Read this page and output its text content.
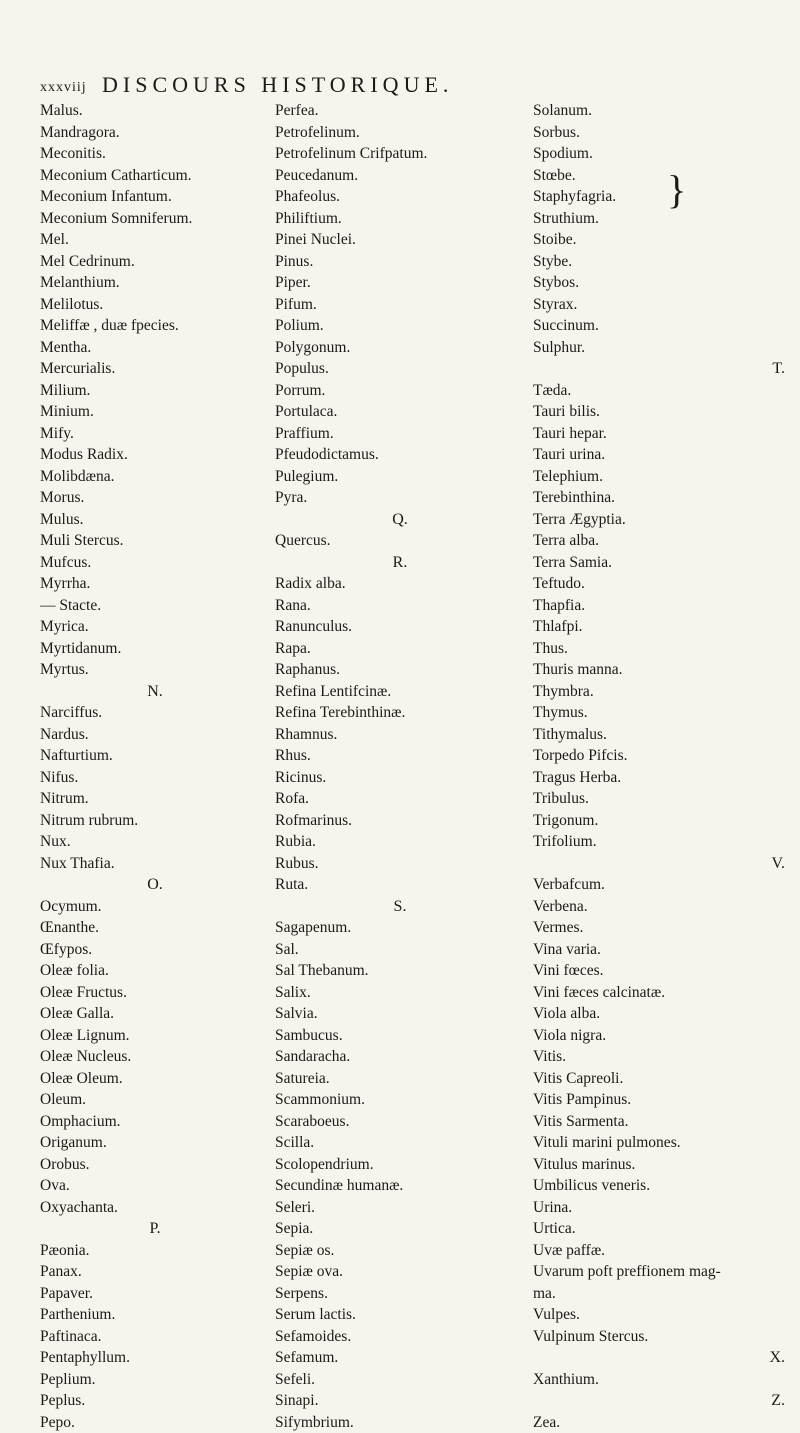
xxxviij DISCOURS HISTORIQUE.
Malus.
Mandragora.
Meconitis.
Meconium Catharticum.
Meconium Infantum.
Meconium Somniferum.
Mel.
Mel Cedrinum.
Melanthium.
Melilotus.
Meliffæ , duæ fpecies.
Mentha.
Mercurialis.
Milium.
Minium.
Mify.
Modus Radix.
Molibdæna.
Morus.
Mulus.
Muli Stercus.
Mufcus.
Myrrha.
— Stacte.
Myrica.
Myrtidanum.
Myrtus.
N.
Narciffus.
Nardus.
Nafturtium.
Nifus.
Nitrum.
Nitrum rubrum.
Nux.
Nux Thafia.
O.
Ocymum.
Œnanthe.
Œfypos.
Oleæ folia.
Oleæ Fructus.
Oleæ Galla.
Oleæ Lignum.
Oleæ Nucleus.
Oleæ Oleum.
Oleum.
Omphacium.
Origanum.
Orobus.
Ova.
Oxyachanta.
P.
Pæonia.
Panax.
Papaver.
Parthenium.
Paftinaca.
Pentaphyllum.
Peplium.
Peplus.
Pepo.
Perfea.
Petrofelinum.
Petrofelinum Crifpatum.
Peucedanum.
Phafeolus.
Philiftium.
Pinei Nuclei.
Pinus.
Piper.
Pifum.
Polium.
Polygonum.
Populus.
Porrum.
Portulaca.
Praffium.
Pfeudodictamus.
Pulegium.
Pyra.
Q.
Quercus.
R.
Radix alba.
Rana.
Ranunculus.
Rapa.
Raphanus.
Refina Lentifcinæ.
Refina Terebinthinæ.
Rhamnus.
Rhus.
Ricinus.
Rofa.
Rofmarinus.
Rubia.
Rubus.
Ruta.
S.
Sagapenum.
Sal.
Sal Thebanum.
Salix.
Salvia.
Sambucus.
Sandaracha.
Satureia.
Scammonium.
Scaraboeus.
Scilla.
Scolopendrium.
Secundinæ humanæ.
Seleri.
Sepia.
Sepiæ os.
Sepiæ ova.
Serpens.
Serum lactis.
Sefamoides.
Sefamum.
Sefeli.
Sinapi.
Sifymbrium.
Solanum.
Sorbus.
Spodium.
Stœbe.
Staphyfagria.
Struthium.
Stoibe.
Stybe.
Stybos.
Styrax.
Succinum.
Sulphur.
T.
Tæda.
Tauri bilis.
Tauri hepar.
Tauri urina.
Telephium.
Terebinthina.
Terra Ægyptia.
Terra alba.
Terra Samia.
Teftudo.
Thapfia.
Thlafpi.
Thus.
Thuris manna.
Thymbra.
Thymus.
Tithymalus.
Torpedo Pifcis.
Tragus Herba.
Tribulus.
Trigonum.
Trifolium.
V.
Verbafcum.
Verbena.
Vermes.
Vina varia.
Vini fœces.
Vini fæces calcinatæ.
Viola alba.
Viola nigra.
Vitis.
Vitis Capreoli.
Vitis Pampinus.
Vitis Sarmenta.
Vituli marini pulmones.
Vitulus marinus.
Umbilicus veneris.
Urina.
Urtica.
Uvæ paffæ.
Uvarum poft preffionem mag-
ma.
Vulpes.
Vulpinum Stercus.
X.
Xanthium.
Z.
Zea.
}
